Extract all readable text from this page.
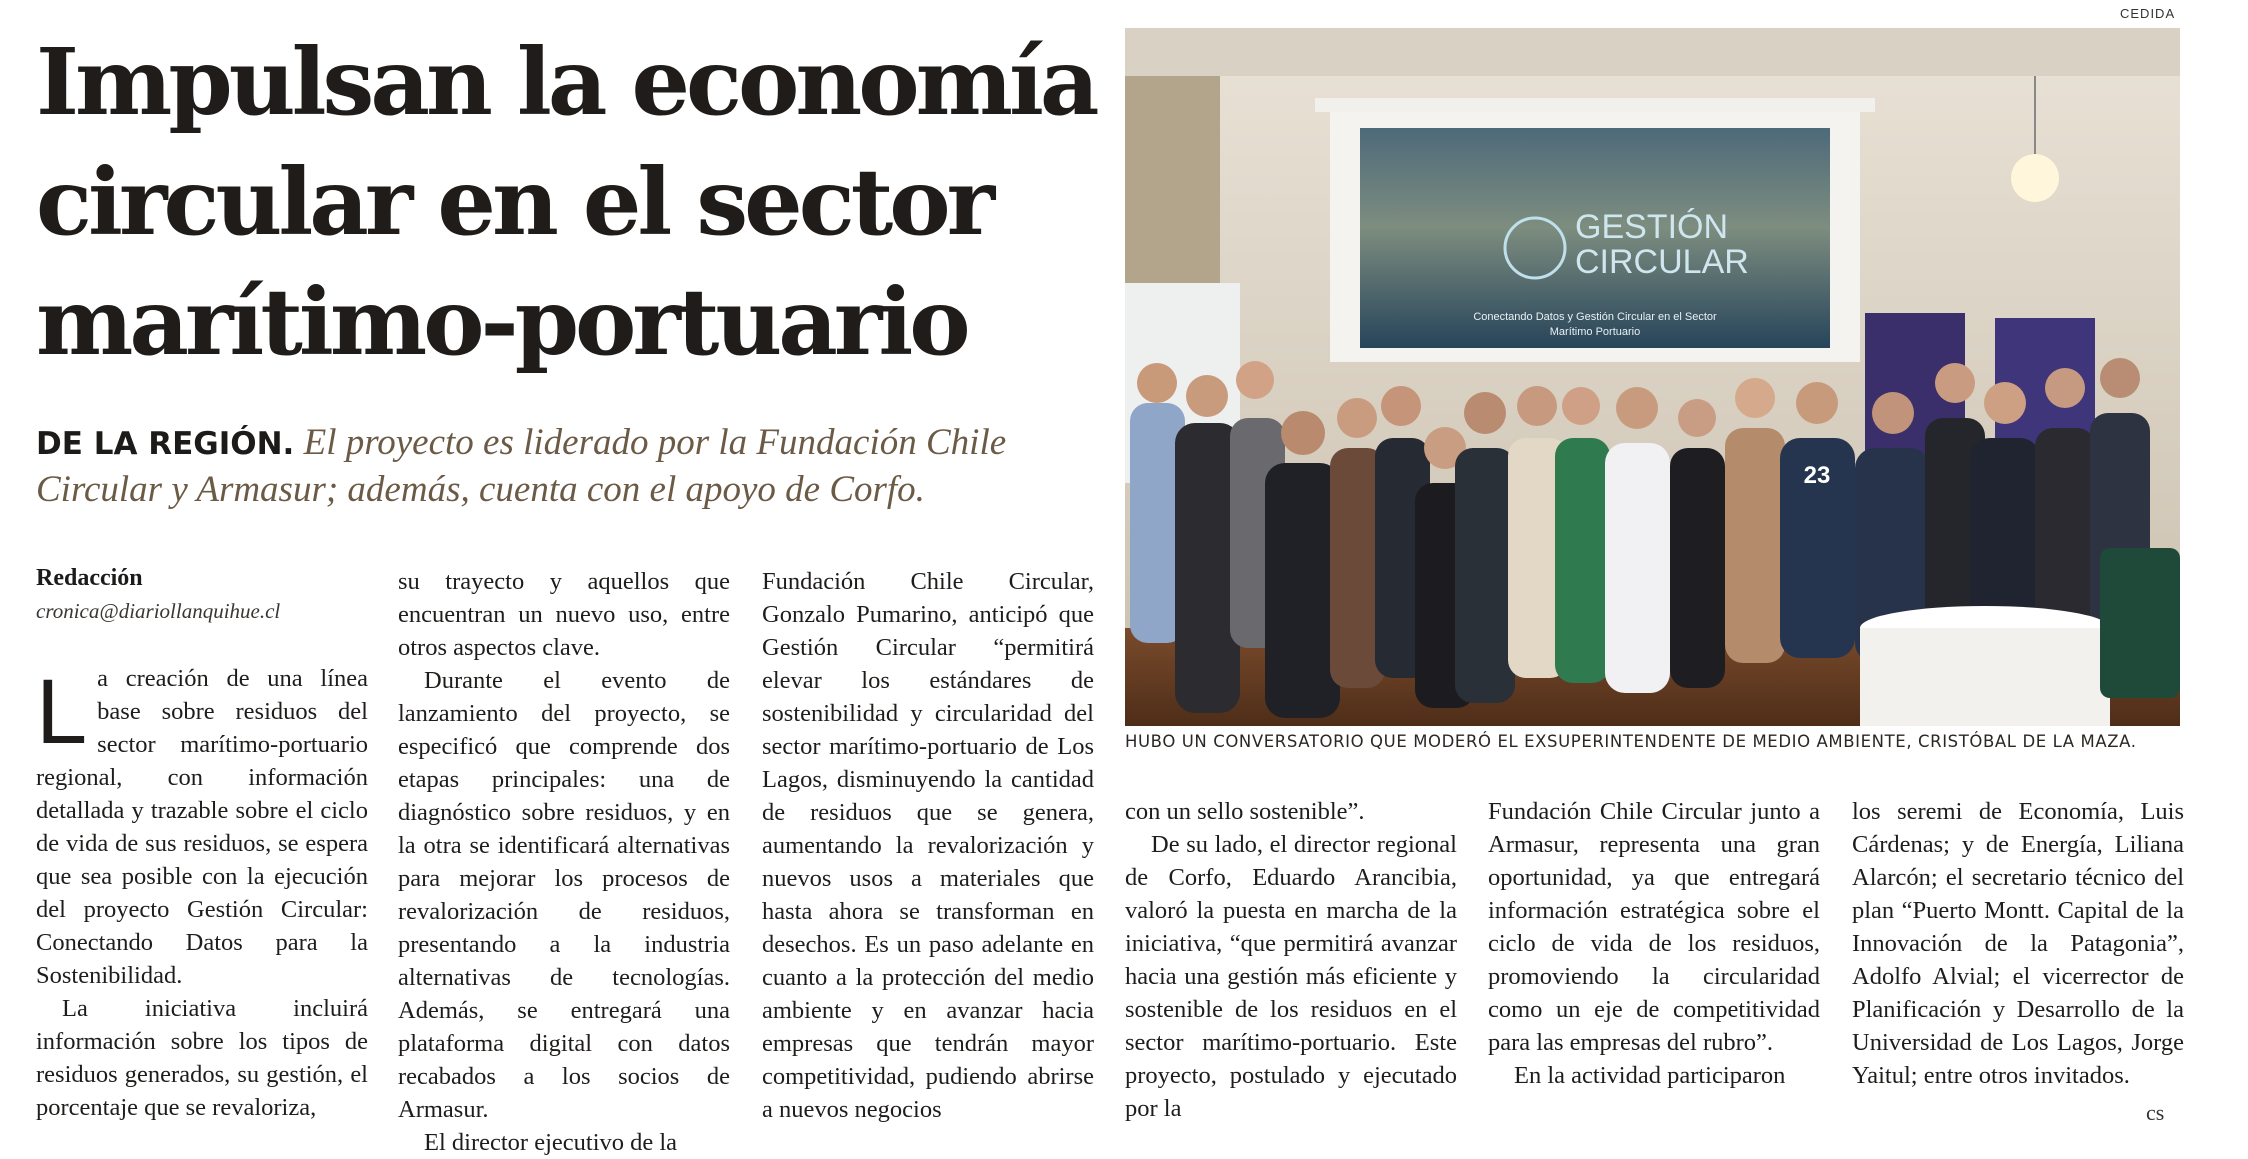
Impulsan la economía circular en el sector marítimo-portuario

DE LA REGIÓN. El proyecto es liderado por la Fundación Chile Circular y Armasur; además, cuenta con el apoyo de Corfo.

CEDIDA
GESTIÓN
CIRCULAR
Conectando Datos y Gestión Circular en el Sector
Marítimo Portuario
23

HUBO UN CONVERSATORIO QUE MODERÓ EL EXSUPERINTENDENTE DE MEDIO AMBIENTE, CRISTÓBAL DE LA MAZA.

Redacción

cronica@diariollanquihue.cl

La creación de una línea base sobre residuos del sector marítimo-portuario regional, con información detallada y trazable sobre el ciclo de vida de sus residuos, se espera que sea posible con la ejecución del proyecto Gestión Circular: Conectando Datos para la Sostenibilidad.

La iniciativa incluirá información sobre los tipos de residuos generados, su gestión, el porcentaje que se revaloriza,

su trayecto y aquellos que encuentran un nuevo uso, entre otros aspectos clave.

Durante el evento de lanzamiento del proyecto, se especificó que comprende dos etapas principales: una de diagnóstico sobre residuos, y en la otra se identificará alternativas para mejorar los procesos de revalorización de residuos, presentando a la industria alternativas de tecnologías. Además, se entregará una plataforma digital con datos recabados a los socios de Armasur.

El director ejecutivo de la

Fundación Chile Circular, Gonzalo Pumarino, anticipó que Gestión Circular “permitirá elevar los estándares de sostenibilidad y circularidad del sector marítimo-portuario de Los Lagos, disminuyendo la cantidad de residuos que se genera, aumentando la revalorización y nuevos usos a materiales que hasta ahora se transforman en desechos. Es un paso adelante en cuanto a la protección del medio ambiente y en avanzar hacia empresas que tendrán mayor competitividad, pudiendo abrirse a nuevos negocios

con un sello sostenible”.

De su lado, el director regional de Corfo, Eduardo Arancibia, valoró la puesta en marcha de la iniciativa, “que permitirá avanzar hacia una gestión más eficiente y sostenible de los residuos en el sector marítimo-portuario. Este proyecto, postulado y ejecutado por la

Fundación Chile Circular junto a Armasur, representa una gran oportunidad, ya que entregará información estratégica sobre el ciclo de vida de los residuos, promoviendo la circularidad como un eje de competitividad para las empresas del rubro”.

En la actividad participaron

los seremi de Economía, Luis Cárdenas; y de Energía, Liliana Alarcón; el secretario técnico del plan “Puerto Montt. Capital de la Innovación de la Patagonia”, Adolfo Alvial; el vicerrector de Planificación y Desarrollo de la Universidad de Los Lagos, Jorge Yaitul; entre otros invitados.

cs
